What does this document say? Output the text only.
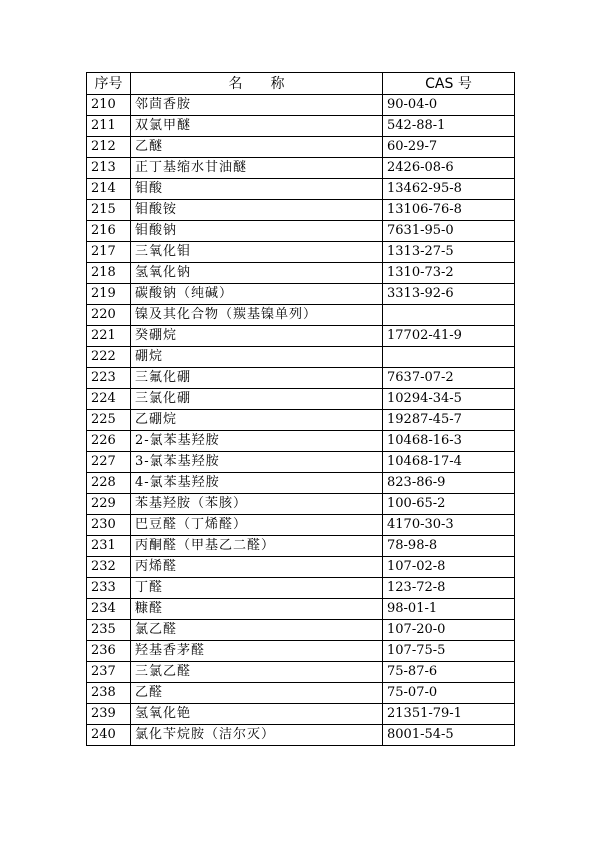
序号	名　　称	CAS 号
210	邻茴香胺	90-04-0
211	双氯甲醚	542-88-1
212	乙醚	60-29-7
213	正丁基缩水甘油醚	2426-08-6
214	钼酸	13462-95-8
215	钼酸铵	13106-76-8
216	钼酸钠	7631-95-0
217	三氧化钼	1313-27-5
218	氢氧化钠	1310-73-2
219	碳酸钠（纯碱）	3313-92-6
220	镍及其化合物（羰基镍单列）	
221	癸硼烷	17702-41-9
222	硼烷	
223	三氟化硼	7637-07-2
224	三氯化硼	10294-34-5
225	乙硼烷	19287-45-7
226	2-氯苯基羟胺	10468-16-3
227	3-氯苯基羟胺	10468-17-4
228	4-氯苯基羟胺	823-86-9
229	苯基羟胺（苯胲）	100-65-2
230	巴豆醛（丁烯醛）	4170-30-3
231	丙酮醛（甲基乙二醛）	78-98-8
232	丙烯醛	107-02-8
233	丁醛	123-72-8
234	糠醛	98-01-1
235	氯乙醛	107-20-0
236	羟基香茅醛	107-75-5
237	三氯乙醛	75-87-6
238	乙醛	75-07-0
239	氢氧化铯	21351-79-1
240	氯化苄烷胺（洁尔灭）	8001-54-5
